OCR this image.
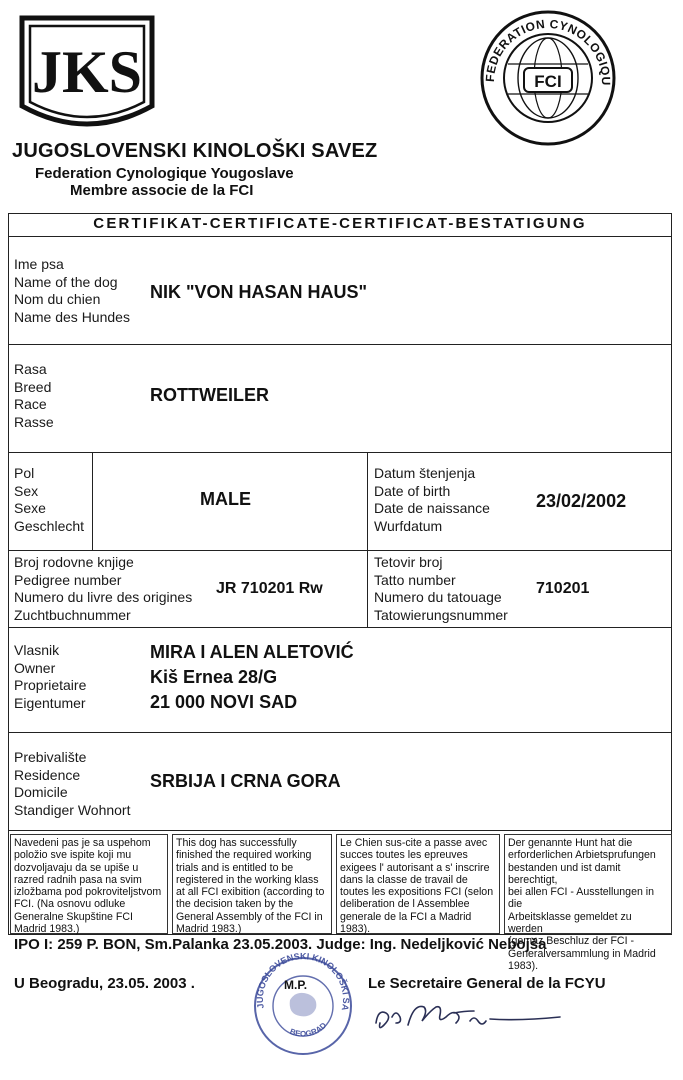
JKS	FEDERATION CYNOLOGIQU
FCI
JUGOSLOVENSKI KINOLOŠKI SAVEZ
Federation Cynologique Yougoslave
Membre associe de la FCI
CERTIFIKAT-CERTIFICATE-CERTIFICAT-BESTATIGUNG
Ime psa
Name of the dog
Nom du chien
Name des Hundes
NIK "VON HASAN HAUS"
Rasa
Breed
Race
Rasse
ROTTWEILER
Pol
Sex
Sexe
Geschlecht
MALE
Datum štenjenja
Date of birth
Date de naissance
Wurfdatum
23/02/2002
Broj rodovne knjige
Pedigree number
Numero du livre des origines
Zuchtbuchnummer
JR 710201 Rw
Tetovir broj
Tatto number
Numero du tatouage
Tatowierungsnummer
710201
Vlasnik
Owner
Proprietaire
Eigentumer
MIRA I ALEN ALETOVIĆ
Kiš Ernea 28/G
21 000 NOVI SAD
Prebivalište
Residence
Domicile
Standiger Wohnort
SRBIJA I CRNA GORA
Navedeni pas je sa uspehom
položio sve ispite koji mu
dozvoljavaju da se upiše u
razred radnih pasa na svim
izložbama pod pokroviteljstvom
FCI. (Na osnovu odluke
Generalne Skupštine FCI
Madrid 1983.)
This dog has successfully
finished the required working
trials and is entitled to be
registered in the working klass
at all FCI exibition (according to
the decision taken by the
General Assembly of the FCI in
Madrid 1983.)
Le Chien sus-cite a passe avec
succes toutes les epreuves
exigees l' autorisant a s' inscrire
dans la classe de travail de
toutes les expositions FCI (selon
deliberation de l Assemblee
generale de la FCI a Madrid
1983).
Der genannte Hunt hat die
erforderlichen Arbietsprufungen
bestanden und ist damit berechtigt,
bei allen FCI - Ausstellungen in die
Arbeitsklasse gemeldet zu werden
(gemaz Beschluz der FCI -
Generalversammlung in Madrid
1983).
IPO I: 259 P. BON, Sm.Palanka 23.05.2003. Judge: Ing. Nedeljković Nebojša
U Beogradu, 23.05. 2003 .
JUGOSLOVENSKI KINOLOŠKI SA
BEOGRAD
M.P.	Le Secretaire General de la FCYU
